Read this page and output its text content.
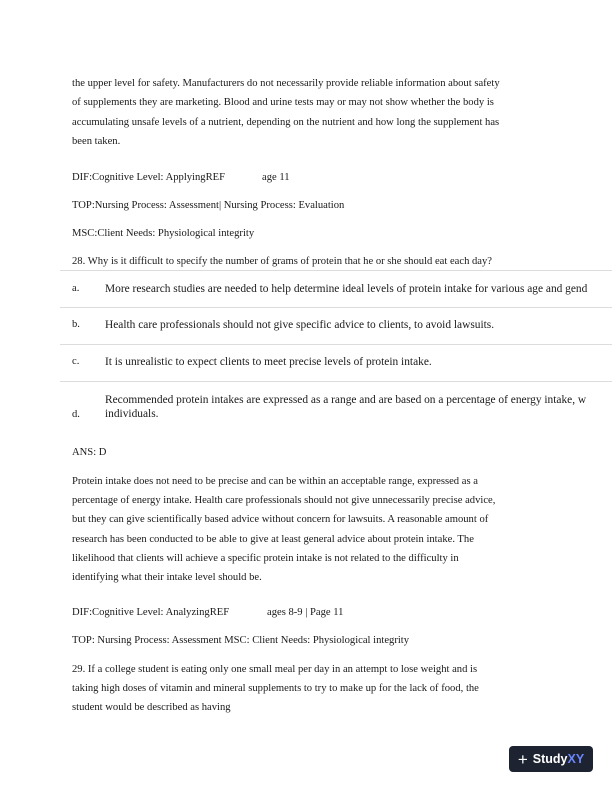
the upper level for safety. Manufacturers do not necessarily provide reliable information about safety

of supplements they are marketing. Blood and urine tests may or may not show whether the body is

accumulating unsafe levels of a nutrient, depending on the nutrient and how long the supplement has

been taken.

DIF:Cognitive Level: ApplyingREF	age 11

TOP:Nursing Process: Assessment| Nursing Process: Evaluation

MSC:Client Needs: Physiological integrity

28. Why is it difficult to specify the number of grams of protein that he or she should eat each day?

a. More research studies are needed to help determine ideal levels of protein intake for various age and gend
b. Health care professionals should not give specific advice to clients, to avoid lawsuits.
c. It is unrealistic to expect clients to meet precise levels of protein intake.
d.
Recommended protein intakes are expressed as a range and are based on a percentage of energy intake, w
individuals.

ANS: D

Protein intake does not need to be precise and can be within an acceptable range, expressed as a

percentage of energy intake. Health care professionals should not give unnecessarily precise advice,

but they can give scientifically based advice without concern for lawsuits. A reasonable amount of

research has been conducted to be able to give at least general advice about protein intake. The

likelihood that clients will achieve a specific protein intake is not related to the difficulty in

identifying what their intake level should be.

DIF:Cognitive Level: AnalyzingREF	ages 8-9 | Page 11

TOP: Nursing Process: Assessment MSC: Client Needs: Physiological integrity

29. If a college student is eating only one small meal per day in an attempt to lose weight and is

taking high doses of vitamin and mineral supplements to try to make up for the lack of food, the

student would be described as having

+ StudyXY
